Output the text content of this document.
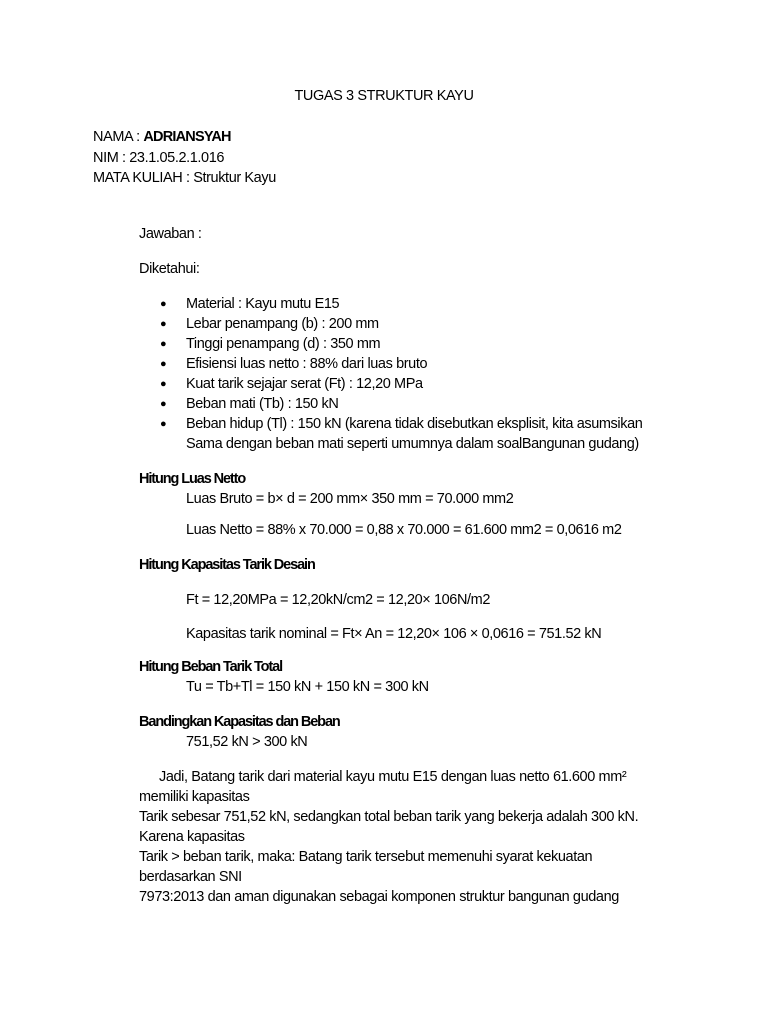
TUGAS 3 STRUKTUR KAYU
NAMA : ADRIANSYAH
NIM : 23.1.05.2.1.016
MATA KULIAH : Struktur Kayu

Jawaban :

Diketahui:

● Material : Kayu mutu E15
● Lebar penampang (b) : 200 mm
● Tinggi penampang (d) : 350 mm
● Efisiensi luas netto : 88% dari luas bruto
● Kuat tarik sejajar serat (Ft) : 12,20 MPa
● Beban mati (Tb) : 150 kN
● Beban hidup (Tl) : 150 kN (karena tidak disebutkan eksplisit, kita asumsikan
Sama dengan beban mati seperti umumnya dalam soalBangunan gudang)

Hitung Luas Netto

Luas Bruto = b× d = 200 mm× 350 mm = 70.000 mm2

Luas Netto = 88% x 70.000 = 0,88 x 70.000 = 61.600 mm2 = 0,0616 m2

Hitung Kapasitas Tarik Desain

Ft = 12,20MPa = 12,20kN/cm2 = 12,20× 106N/m2

Kapasitas tarik nominal = Ft× An = 12,20× 106 × 0,0616 = 751.52 kN

Hitung Beban Tarik Total

Tu = Tb+Tl = 150 kN + 150 kN = 300 kN

Bandingkan Kapasitas dan Beban

751,52 kN > 300 kN

Jadi, Batang tarik dari material kayu mutu E15 dengan luas netto 61.600 mm²

memiliki kapasitas

Tarik sebesar 751,52 kN, sedangkan total beban tarik yang bekerja adalah 300 kN.

Karena kapasitas

Tarik > beban tarik, maka: Batang tarik tersebut memenuhi syarat kekuatan

berdasarkan SNI

7973:2013 dan aman digunakan sebagai komponen struktur bangunan gudang
